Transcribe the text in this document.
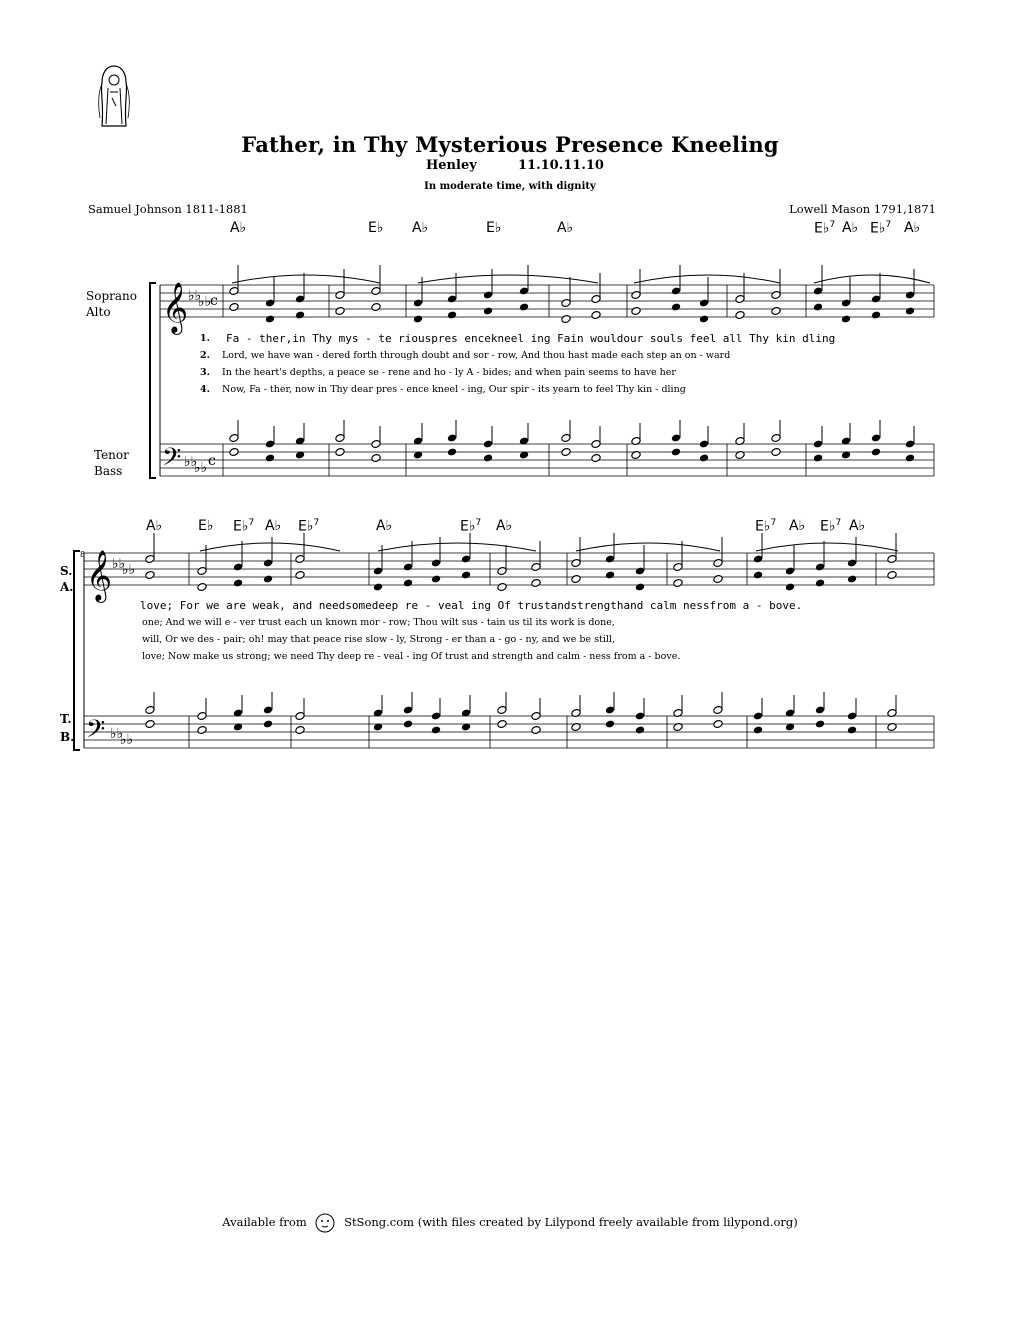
Father, in Thy Mysterious Presence Kneeling
Henley	11.10.11.10
In moderate time, with dignity
Samuel Johnson 1811-1881	Lowell Mason 1791,1871
A♭	E♭ A♭	E♭	A♭	E♭$^7$ A♭ E♭$^7$ A♭
Soprano
Alto
Tenor
Bass
1. Fa - ther,in Thy mys - te riouspres encekneel ing Fain wouldour souls feel all Thy kin dling
2. Lord, we have wan - dered forth through doubt and sor - row, And thou hast made each step an on - ward
3. In the heart's depths, a peace se - rene and ho - ly A - bides; and when pain seems to have her
4. Now, Fa - ther, now in Thy dear pres - ence kneel - ing, Our spir - its yearn to feel Thy kin - dling
A♭	E♭ E♭$^7$ A♭ E♭$^7$	A♭	E♭$^7$ A♭	E♭$^7$ A♭ E♭$^7$ A♭
8
S.
A.
T.
B.
love; For we are weak, and needsomedeep re - veal ing Of trustandstrengthand calm nessfrom a - bove.
one; And we will e - ver trust each un known mor - row; Thou wilt sus - tain us til its work is done,
will, Or we des - pair; oh! may that peace rise slow - ly, Strong - er than a - go - ny, and we be still,
love; Now make us strong; we need Thy deep re - veal - ing Of trust and strength and calm - ness from a - bove.
𝄞
𝄢
♭♭
♭♭
♭♭
♭♭
c
c
𝄞
𝄢
♭♭
♭♭
♭♭
♭♭
Available from	StSong.com (with files created by Lilypond freely available from lilypond.org)
